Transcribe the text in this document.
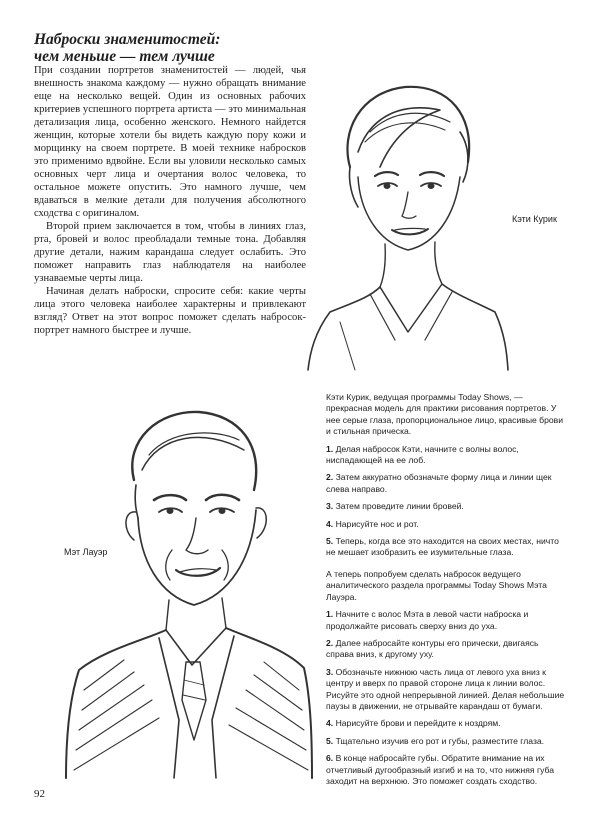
Наброски знаменитостей:
чем меньше — тем лучше

При создании портретов знаменитостей — людей, чья внешность знакома каждому — нужно обращать внимание еще на несколько вещей. Один из основных рабочих критериев успешного портрета артиста — это минимальная детализация лица, особенно женского. Немного найдется женщин, которые хотели бы видеть каждую пору кожи и морщинку на своем портрете. В моей технике набросков это применимо вдвойне. Если вы уловили несколько самых основных черт лица и очертания волос человека, то остальное можете опустить. Это намного лучше, чем вдаваться в мелкие детали для получения абсолютного сходства с оригиналом.

Второй прием заключается в том, чтобы в линиях глаз, рта, бровей и волос преобладали темные тона. Добавляя другие детали, нажим карандаша следует ослабить. Это поможет направить глаз наблюдателя на наиболее узнаваемые черты лица.

Начиная делать наброски, спросите себя: какие черты лица этого человека наиболее характерны и привлекают взгляд? Ответ на этот вопрос поможет сделать набросок-портрет намного быстрее и лучше.

Кэти Курик
Мэт Лауэр

Кэти Курик, ведущая программы Today Shows, — прекрасная модель для практики рисования портретов. У нее серые глаза, пропорциональное лицо, красивые брови и стильная прическа.

1. Делая набросок Кэти, начните с волны волос, ниспадающей на ее лоб.
2. Затем аккуратно обозначьте форму лица и линии щек слева направо.
3. Затем проведите линии бровей.
4. Нарисуйте нос и рот.
5. Теперь, когда все это находится на своих местах, ничто не мешает изобразить ее изумительные глаза.

А теперь попробуем сделать набросок ведущего аналитического раздела программы Today Shows Мэта Лауэра.

1. Начните с волос Мэта в левой части наброска и продолжайте рисовать сверху вниз до уха.
2. Далее набросайте контуры его прически, двигаясь справа вниз, к другому уху.
3. Обозначьте нижнюю часть лица от левого уха вниз к центру и вверх по правой стороне лица к линии волос. Рисуйте это одной непрерывной линией. Делая небольшие паузы в движении, не отрывайте карандаш от бумаги.
4. Нарисуйте брови и перейдите к ноздрям.
5. Тщательно изучив его рот и губы, разместите глаза.
6. В конце набросайте губы. Обратите внимание на их отчетливый дугообразный изгиб и на то, что нижняя губа заходит на верхнюю. Это поможет создать сходство.
92
